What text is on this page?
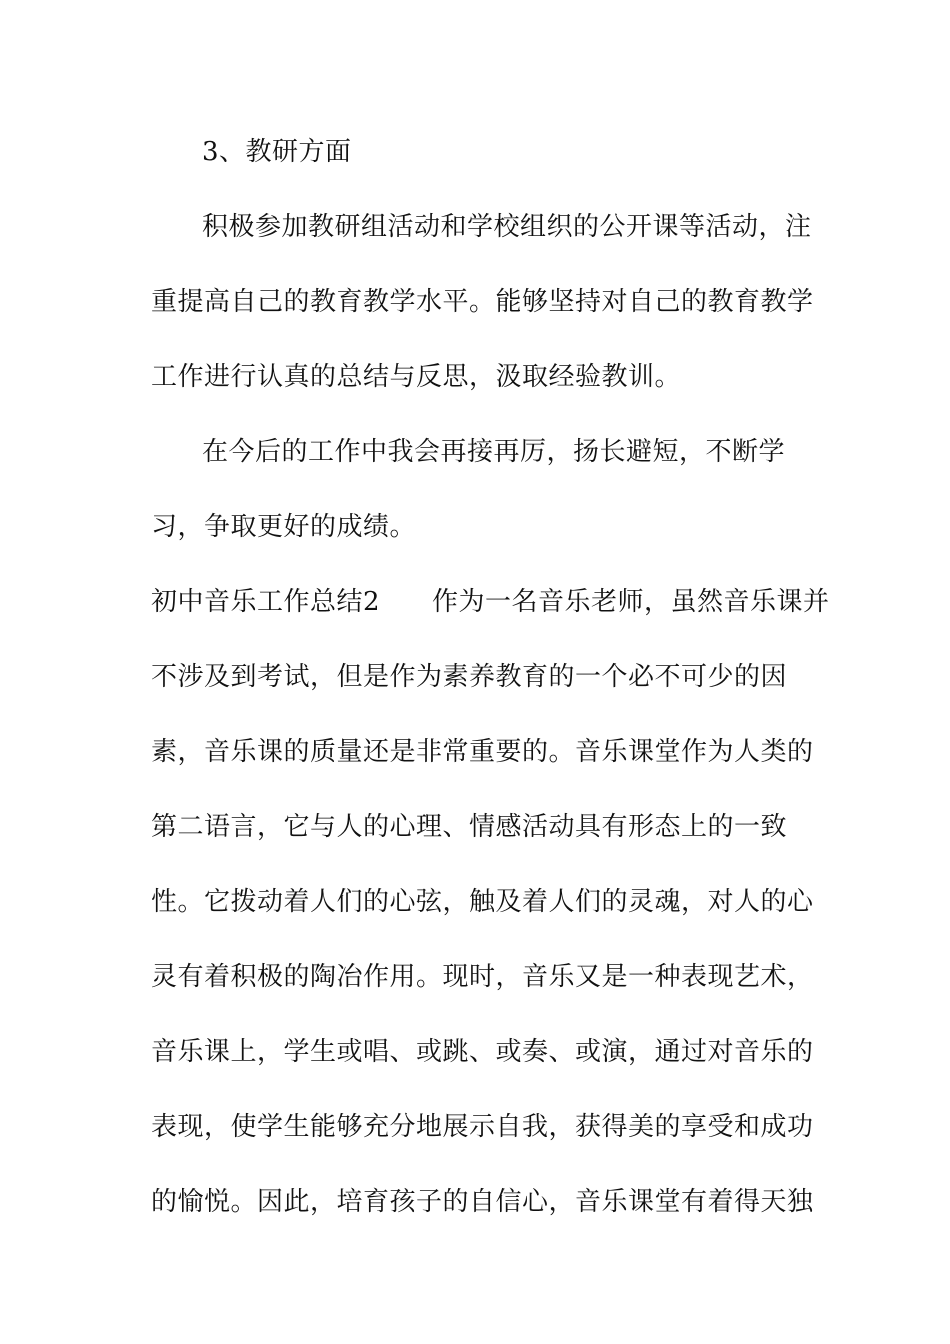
3、教研方面
积极参加教研组活动和学校组织的公开课等活动，注
重提高自己的教育教学水平。能够坚持对自己的教育教学
工作进行认真的总结与反思，汲取经验教训。
在今后的工作中我会再接再厉，扬长避短，不断学
习，争取更好的成绩。
初中音乐工作总结2 作为一名音乐老师，虽然音乐课并
不涉及到考试，但是作为素养教育的一个必不可少的因
素，音乐课的质量还是非常重要的。音乐课堂作为人类的
第二语言，它与人的心理、情感活动具有形态上的一致
性。它拨动着人们的心弦，触及着人们的灵魂，对人的心
灵有着积极的陶冶作用。现时，音乐又是一种表现艺术，
音乐课上，学生或唱、或跳、或奏、或演，通过对音乐的
表现，使学生能够充分地展示自我，获得美的享受和成功
的愉悦。因此，培育孩子的自信心，音乐课堂有着得天独
